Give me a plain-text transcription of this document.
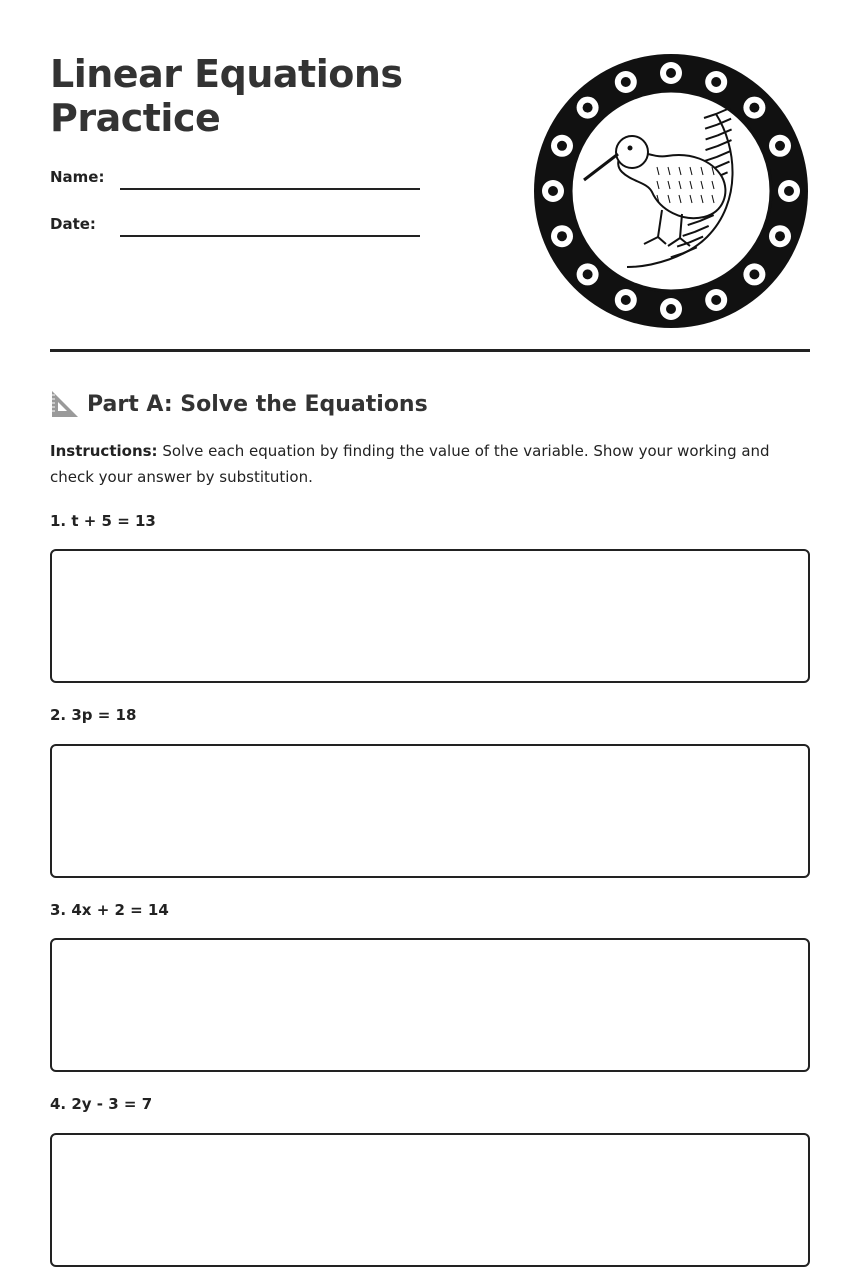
Linear Equations
Practice
Name:
Date:
Part A: Solve the Equations

Instructions: Solve each equation by finding the value of the variable. Show your working and check your answer by substitution.

1. t + 5 = 13
2. 3p = 18
3. 4x + 2 = 14
4. 2y - 3 = 7
